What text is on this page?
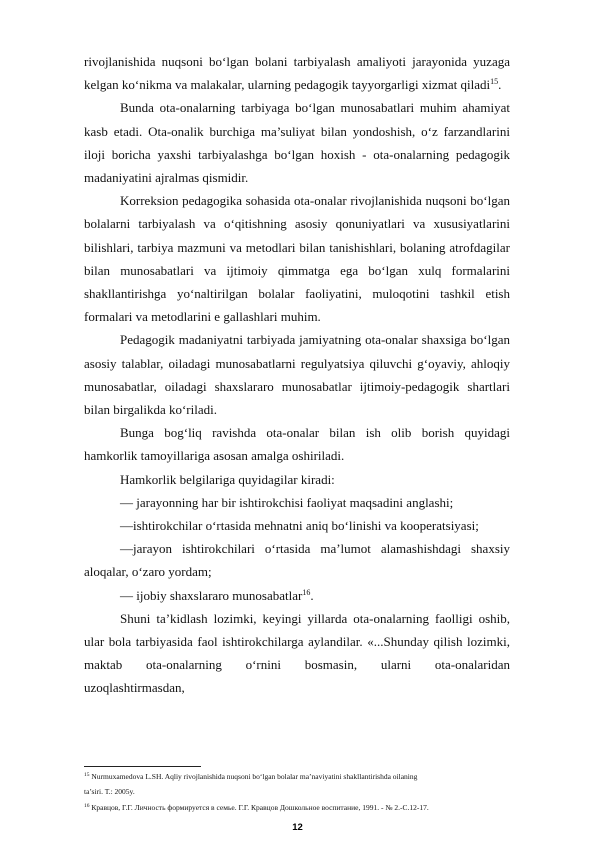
rivojlanishida nuqsoni bo‘lgan bolani tarbiyalash amaliyoti jarayonida yuzaga kelgan ko‘nikma va malakalar, ularning pedagogik tayyorgarligi xizmat qiladi$^{15}$.

Bunda ota-onalarning tarbiyaga bo‘lgan munosabatlari muhim ahamiyat kasb etadi. Ota-onalik burchiga ma’suliyat bilan yondoshish, o‘z farzandlarini iloji boricha yaxshi tarbiyalashga bo‘lgan hoxish - ota-onalarning pedagogik madaniyatini ajralmas qismidir.

Korreksion pedagogika sohasida ota-onalar rivojlanishida nuqsoni bo‘lgan bolalarni tarbiyalash va o‘qitishning asosiy qonuniyatlari va xususiyatlarini bilishlari, tarbiya mazmuni va metodlari bilan tanishishlari, bolaning atrofdagilar bilan munosabatlari va ijtimoiy qimmatga ega bo‘lgan xulq formalarini shakllantirishga yo‘naltirilgan bolalar faoliyatini, muloqotini tashkil etish formalari va metodlarini e gallashlari muhim.

Pedagogik madaniyatni tarbiyada jamiyatning ota-onalar shaxsiga bo‘lgan asosiy talablar, oiladagi munosabatlarni regulyatsiya qiluvchi g‘oyaviy, ahloqiy munosabatlar, oiladagi shaxslararo munosabatlar ijtimoiy-pedagogik shartlari bilan birgalikda ko‘riladi.

Bunga bog‘liq ravishda ota-onalar bilan ish olib borish quyidagi hamkorlik tamoyillariga asosan amalga oshiriladi.

Hamkorlik belgilariga quyidagilar kiradi:

— jarayonning har bir ishtirokchisi faoliyat maqsadini anglashi;

—ishtirokchilar o‘rtasida mehnatni aniq bo‘linishi va kooperatsiyasi;

—jarayon ishtirokchilari o‘rtasida ma’lumot alamashishdagi shaxsiy aloqalar, o‘zaro yordam;

— ijobiy shaxslararo munosabatlar$^{16}$.

Shuni ta’kidlash lozimki, keyingi yillarda ota-onalarning faolligi oshib, ular bola tarbiyasida faol ishtirokchilarga aylandilar. «...Shunday qilish lozimki, maktab ota-onalarning o‘rnini bosmasin, ularni ota-onalaridan uzoqlashtirmasdan,

$^{15}$ Nurmuxamedova L.SH. Aqliy rivojlanishida nuqsoni bo‘lgan bolalar ma’naviyatini shakllantirishda oilaning
ta’siri. T.: 2005y.
$^{16}$ Кравцов, Г.Г. Личность формируется в семье. Г.Г. Кравцов Дошкольное воспитание, 1991. - № 2.-С.12-17.
12
